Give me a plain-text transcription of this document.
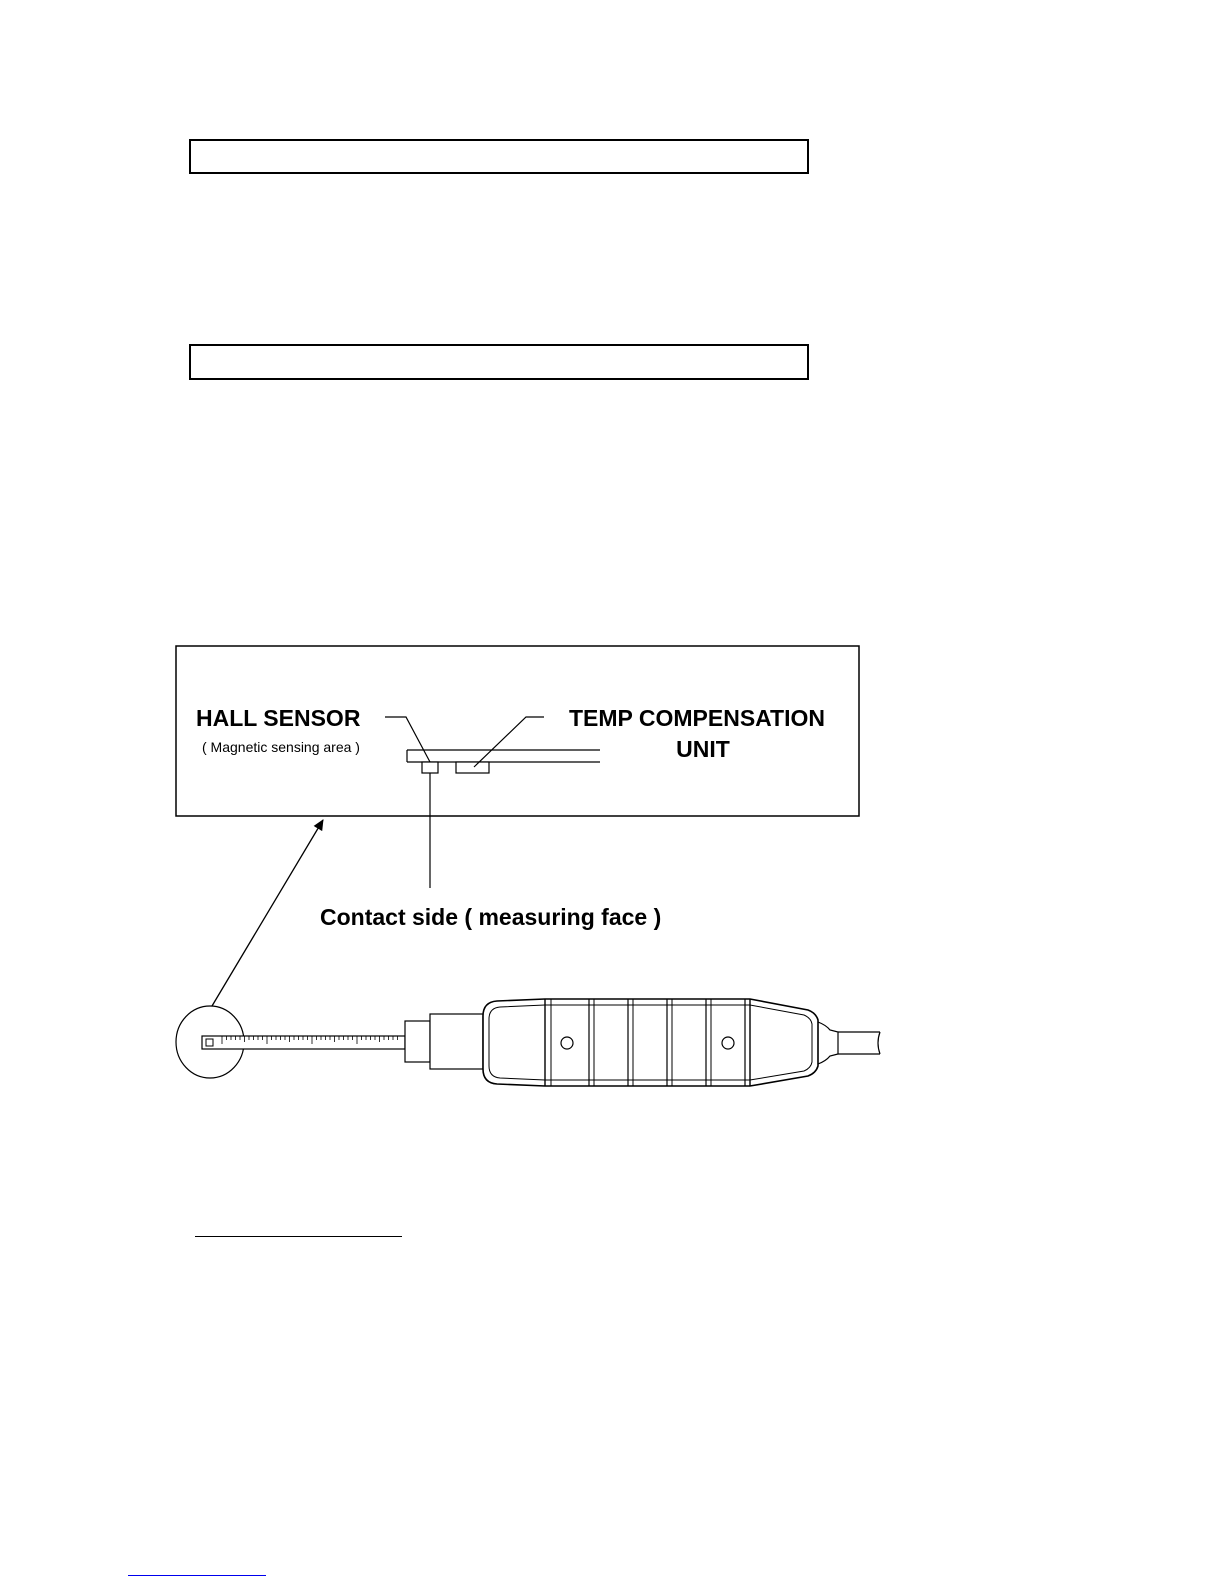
HALL SENSOR
( Magnetic sensing area )
TEMP COMPENSATION
UNIT
Contact side ( measuring face )
